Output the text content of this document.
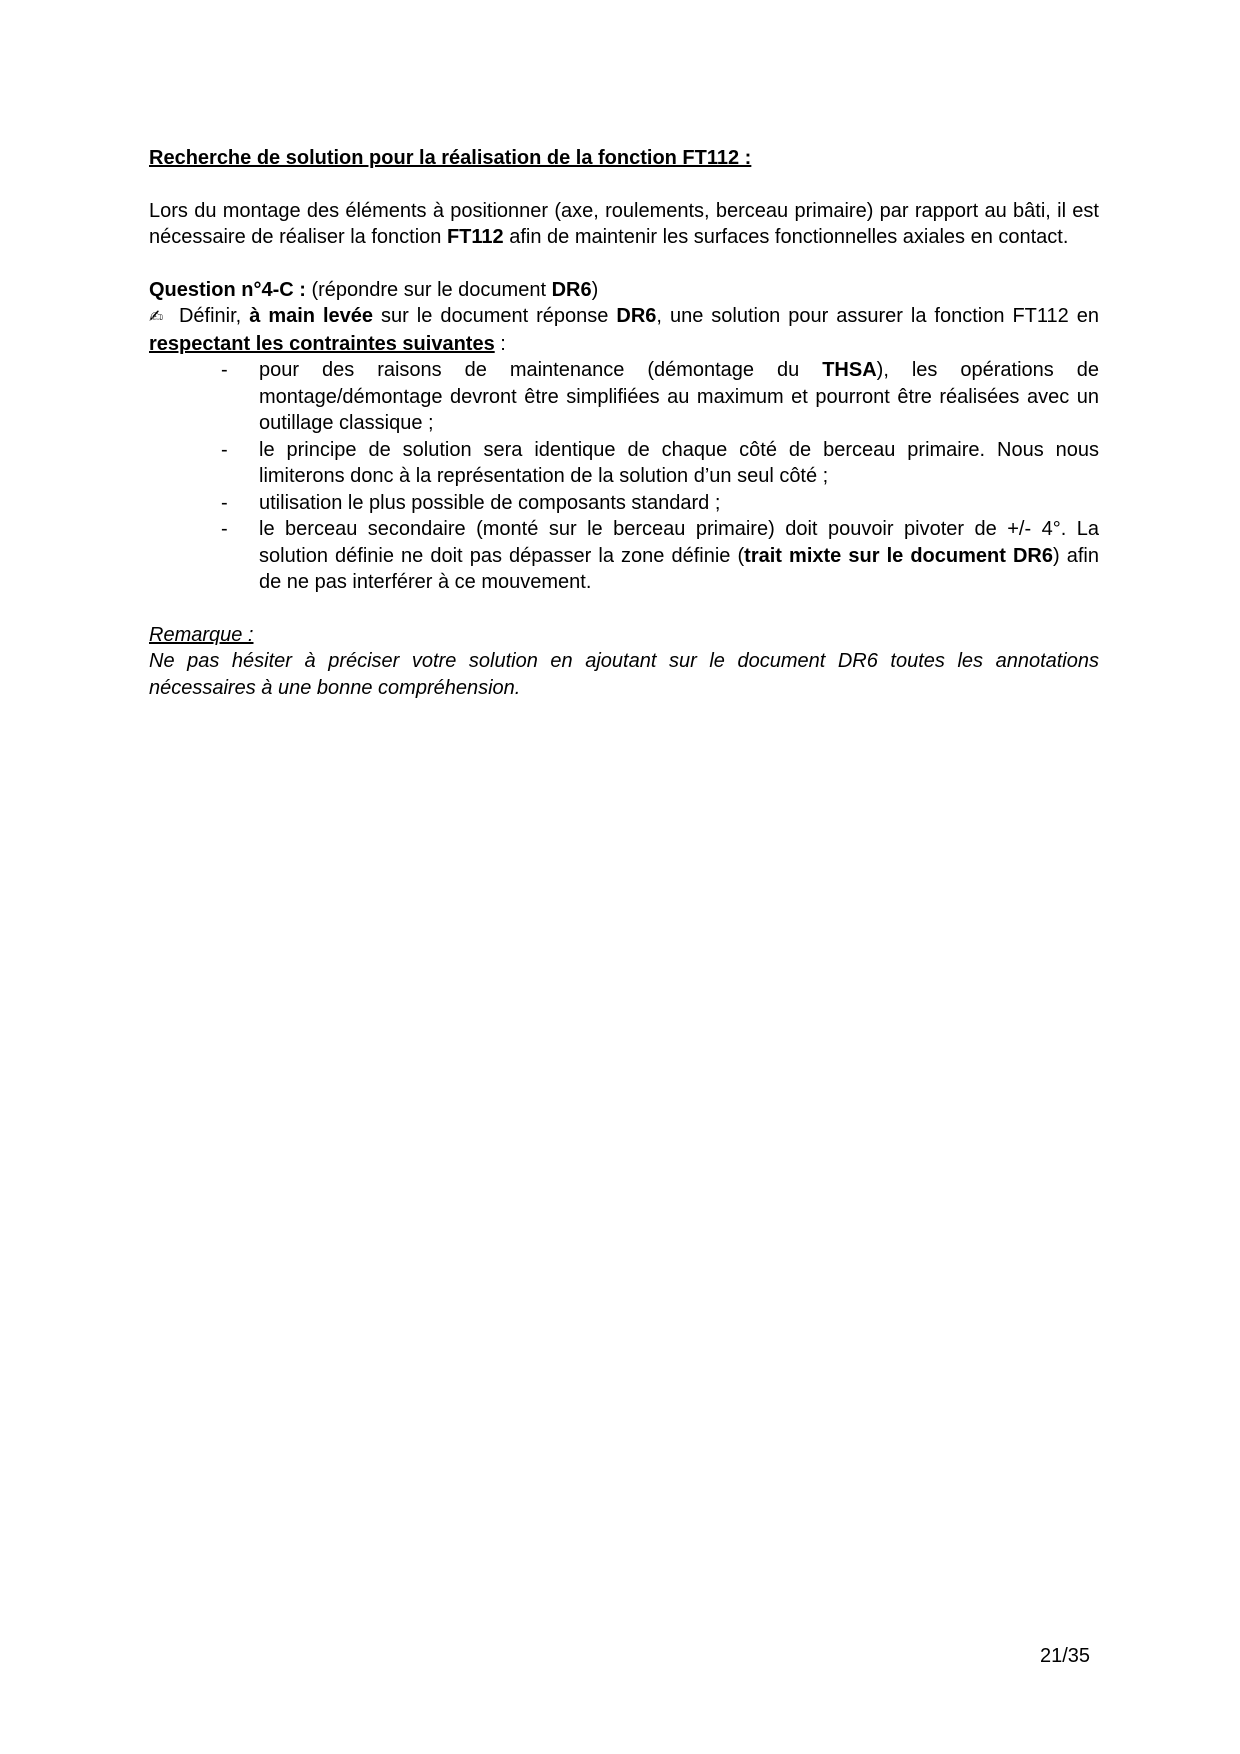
Recherche de solution pour la réalisation de la fonction FT112 :

Lors du montage des éléments à positionner (axe, roulements, berceau primaire) par rapport au bâti, il est nécessaire de réaliser la fonction FT112 afin de maintenir les surfaces fonctionnelles axiales en contact.

Question n°4-C : (répondre sur le document DR6)

✍ Définir, à main levée sur le document réponse DR6, une solution pour assurer la fonction FT112 en respectant les contraintes suivantes :

- pour des raisons de maintenance (démontage du THSA), les opérations de montage/démontage devront être simplifiées au maximum et pourront être réalisées avec un outillage classique ;
- le principe de solution sera identique de chaque côté de berceau primaire. Nous nous limiterons donc à la représentation de la solution d’un seul côté ;
- utilisation le plus possible de composants standard ;
- le berceau secondaire (monté sur le berceau primaire) doit pouvoir pivoter de +/- 4°. La solution définie ne doit pas dépasser la zone définie (trait mixte sur le document DR6) afin de ne pas interférer à ce mouvement.

Remarque :

Ne pas hésiter à préciser votre solution en ajoutant sur le document DR6 toutes les annotations nécessaires à une bonne compréhension.

21/35
